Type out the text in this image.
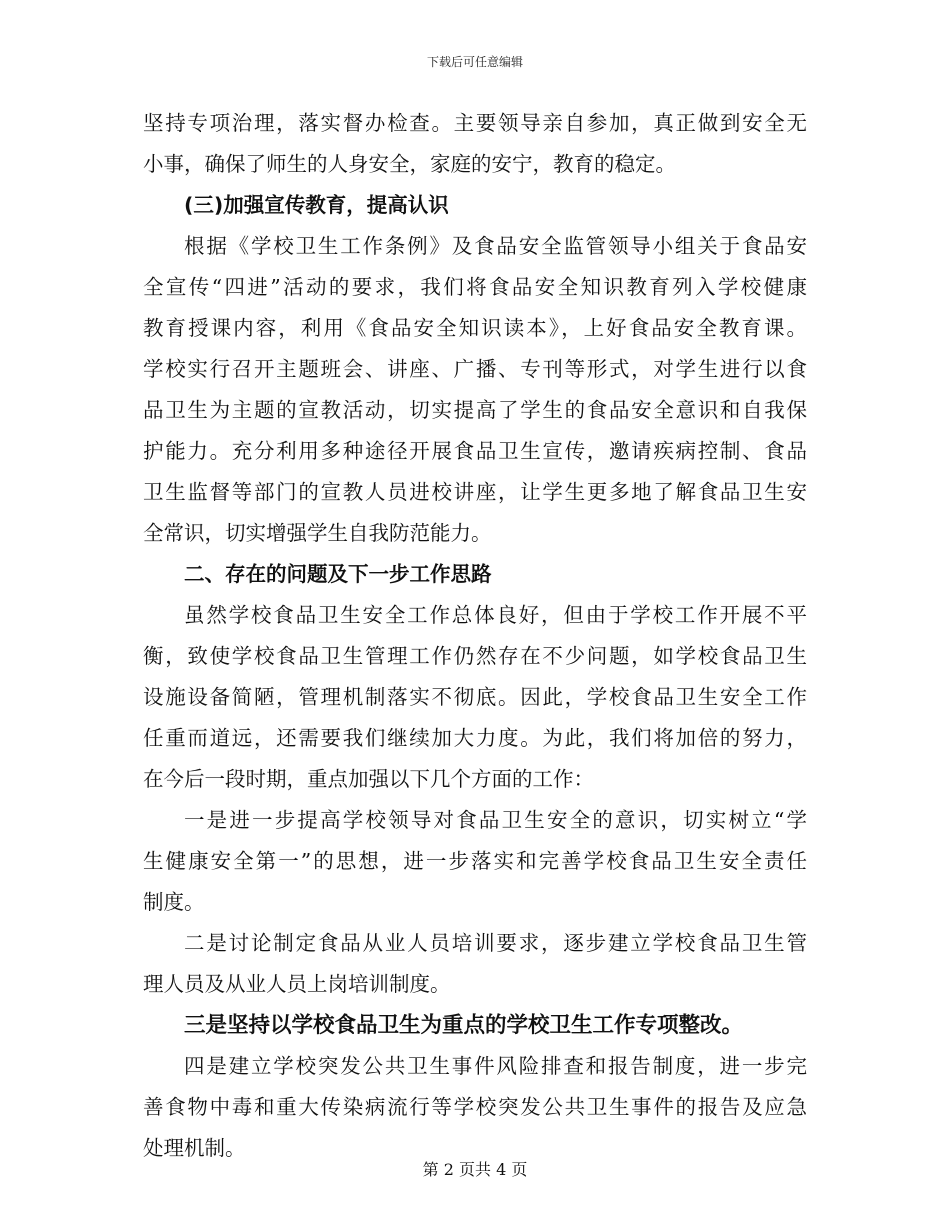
下载后可任意编辑
坚持专项治理，落实督办检查。主要领导亲自参加，真正做到安全无
小事，确保了师生的人身安全，家庭的安宁，教育的稳定。
(三)加强宣传教育，提高认识
根据《学校卫生工作条例》及食品安全监管领导小组关于食品安
全宣传“四进”活动的要求，我们将食品安全知识教育列入学校健康
教育授课内容，利用《食品安全知识读本》，上好食品安全教育课。
学校实行召开主题班会、讲座、广播、专刊等形式，对学生进行以食
品卫生为主题的宣教活动，切实提高了学生的食品安全意识和自我保
护能力。充分利用多种途径开展食品卫生宣传，邀请疾病控制、食品
卫生监督等部门的宣教人员进校讲座，让学生更多地了解食品卫生安
全常识，切实增强学生自我防范能力。
二、存在的问题及下一步工作思路
虽然学校食品卫生安全工作总体良好，但由于学校工作开展不平
衡，致使学校食品卫生管理工作仍然存在不少问题，如学校食品卫生
设施设备简陋，管理机制落实不彻底。因此，学校食品卫生安全工作
任重而道远，还需要我们继续加大力度。为此，我们将加倍的努力，
在今后一段时期，重点加强以下几个方面的工作：
一是进一步提高学校领导对食品卫生安全的意识，切实树立“学
生健康安全第一”的思想，进一步落实和完善学校食品卫生安全责任
制度。
二是讨论制定食品从业人员培训要求，逐步建立学校食品卫生管
理人员及从业人员上岗培训制度。
三是坚持以学校食品卫生为重点的学校卫生工作专项整改。
四是建立学校突发公共卫生事件风险排查和报告制度，进一步完
善食物中毒和重大传染病流行等学校突发公共卫生事件的报告及应急
处理机制。
第 2 页共 4 页
